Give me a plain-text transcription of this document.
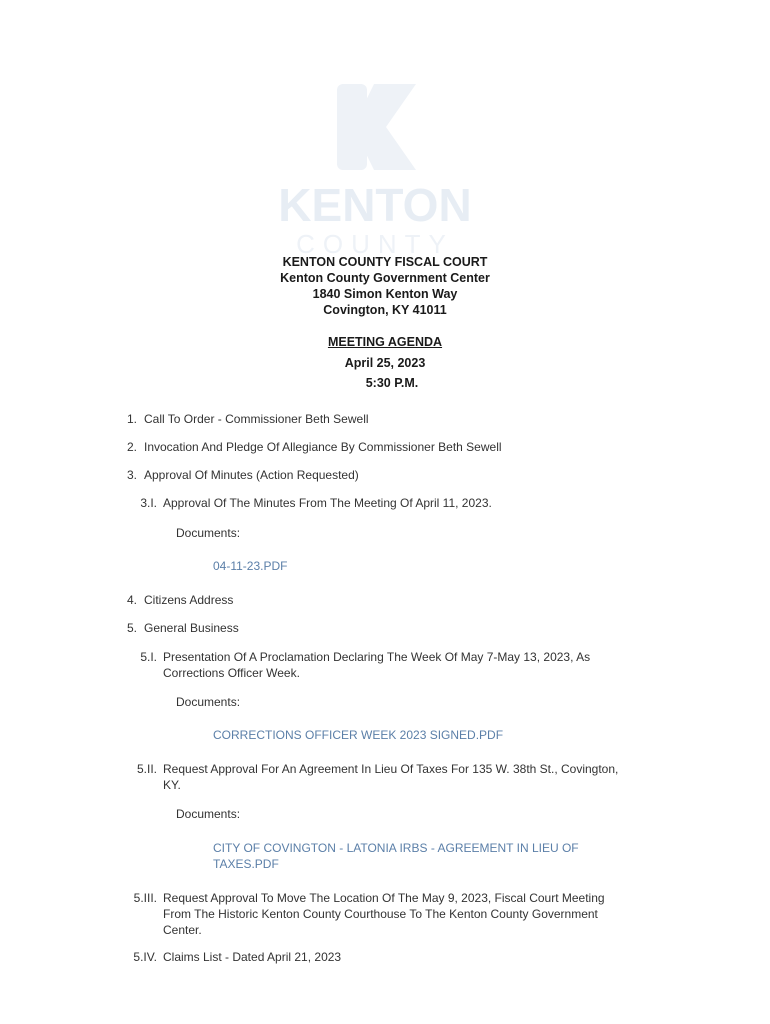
KENTON
COUNTY
KENTON COUNTY FISCAL COURT
Kenton County Government Center
1840 Simon Kenton Way
Covington, KY 41011
MEETING AGENDA
April 25, 2023
5:30 P.M.
1. Call To Order - Commissioner Beth Sewell
2. Invocation And Pledge Of Allegiance By Commissioner Beth Sewell
3. Approval Of Minutes (Action Requested)
3.I. Approval Of The Minutes From The Meeting Of April 11, 2023.
Documents:
04-11-23.PDF
4. Citizens Address
5. General Business
5.I. Presentation Of A Proclamation Declaring The Week Of May 7-May 13, 2023, As
Corrections Officer Week.
Documents:
CORRECTIONS OFFICER WEEK 2023 SIGNED.PDF
5.II. Request Approval For An Agreement In Lieu Of Taxes For 135 W. 38th St., Covington,
KY.
Documents:
CITY OF COVINGTON - LATONIA IRBS - AGREEMENT IN LIEU OF
TAXES.PDF
5.III. Request Approval To Move The Location Of The May 9, 2023, Fiscal Court Meeting
From The Historic Kenton County Courthouse To The Kenton County Government
Center.
5.IV. Claims List - Dated April 21, 2023
